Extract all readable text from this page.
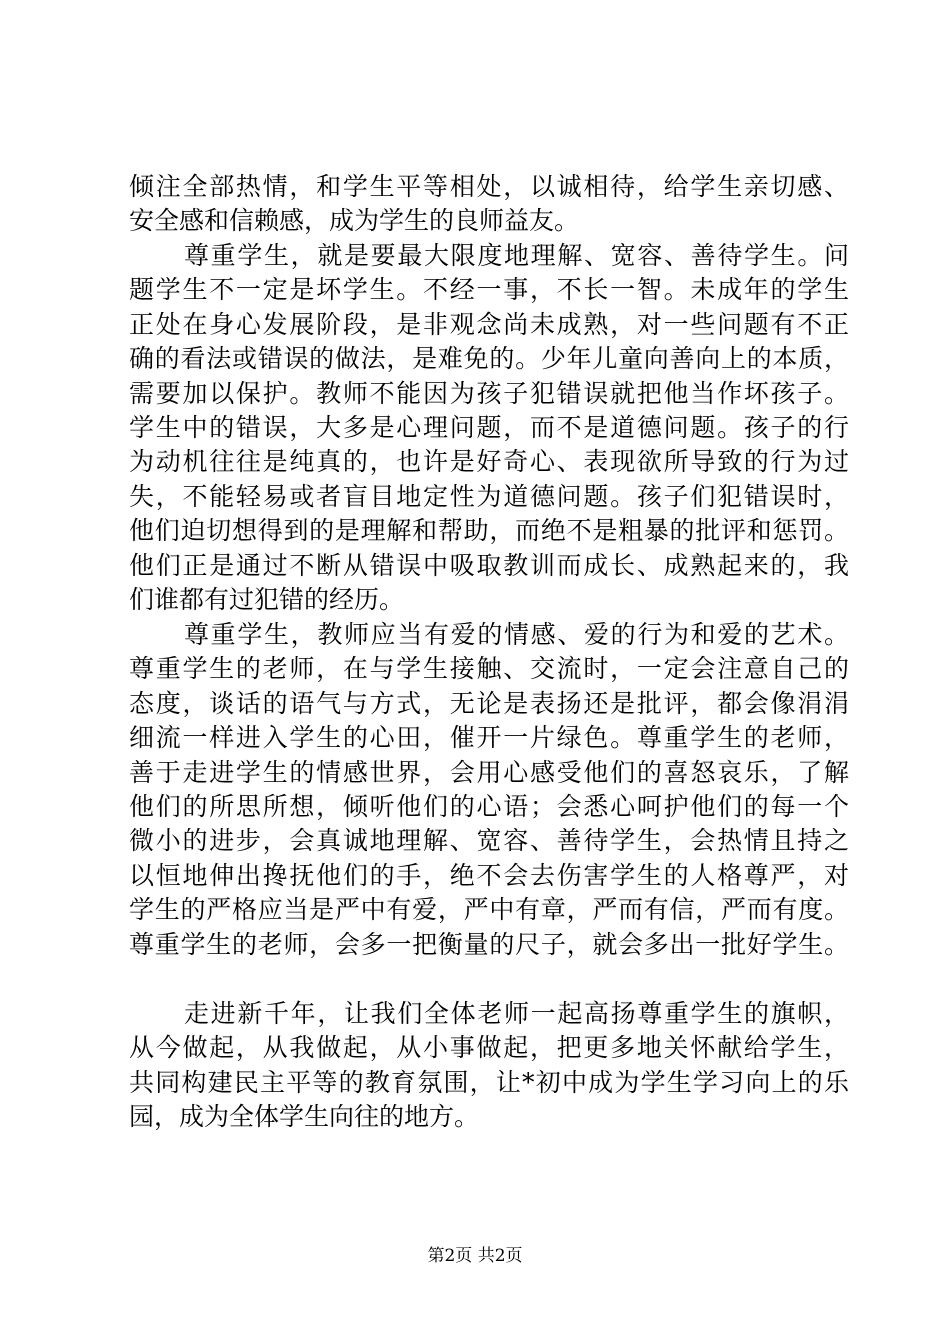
倾注全部热情，和学生平等相处，以诚相待，给学生亲切感、
安全感和信赖感，成为学生的良师益友。
尊重学生，就是要最大限度地理解、宽容、善待学生。问
题学生不一定是坏学生。不经一事，不长一智。未成年的学生
正处在身心发展阶段，是非观念尚未成熟，对一些问题有不正
确的看法或错误的做法，是难免的。少年儿童向善向上的本质，
需要加以保护。教师不能因为孩子犯错误就把他当作坏孩子。
学生中的错误，大多是心理问题，而不是道德问题。孩子的行
为动机往往是纯真的，也许是好奇心、表现欲所导致的行为过
失，不能轻易或者盲目地定性为道德问题。孩子们犯错误时，
他们迫切想得到的是理解和帮助，而绝不是粗暴的批评和惩罚。
他们正是通过不断从错误中吸取教训而成长、成熟起来的，我
们谁都有过犯错的经历。
尊重学生，教师应当有爱的情感、爱的行为和爱的艺术。
尊重学生的老师，在与学生接触、交流时，一定会注意自己的
态度，谈话的语气与方式，无论是表扬还是批评，都会像涓涓
细流一样进入学生的心田，催开一片绿色。尊重学生的老师，
善于走进学生的情感世界，会用心感受他们的喜怒哀乐，了解
他们的所思所想，倾听他们的心语；会悉心呵护他们的每一个
微小的进步，会真诚地理解、宽容、善待学生，会热情且持之
以恒地伸出搀抚他们的手，绝不会去伤害学生的人格尊严，对
学生的严格应当是严中有爱，严中有章，严而有信，严而有度。
尊重学生的老师，会多一把衡量的尺子，就会多出一批好学生。
走进新千年，让我们全体老师一起高扬尊重学生的旗帜，
从今做起，从我做起，从小事做起，把更多地关怀献给学生，
共同构建民主平等的教育氛围，让*初中成为学生学习向上的乐
园，成为全体学生向往的地方。
第2页 共2页
